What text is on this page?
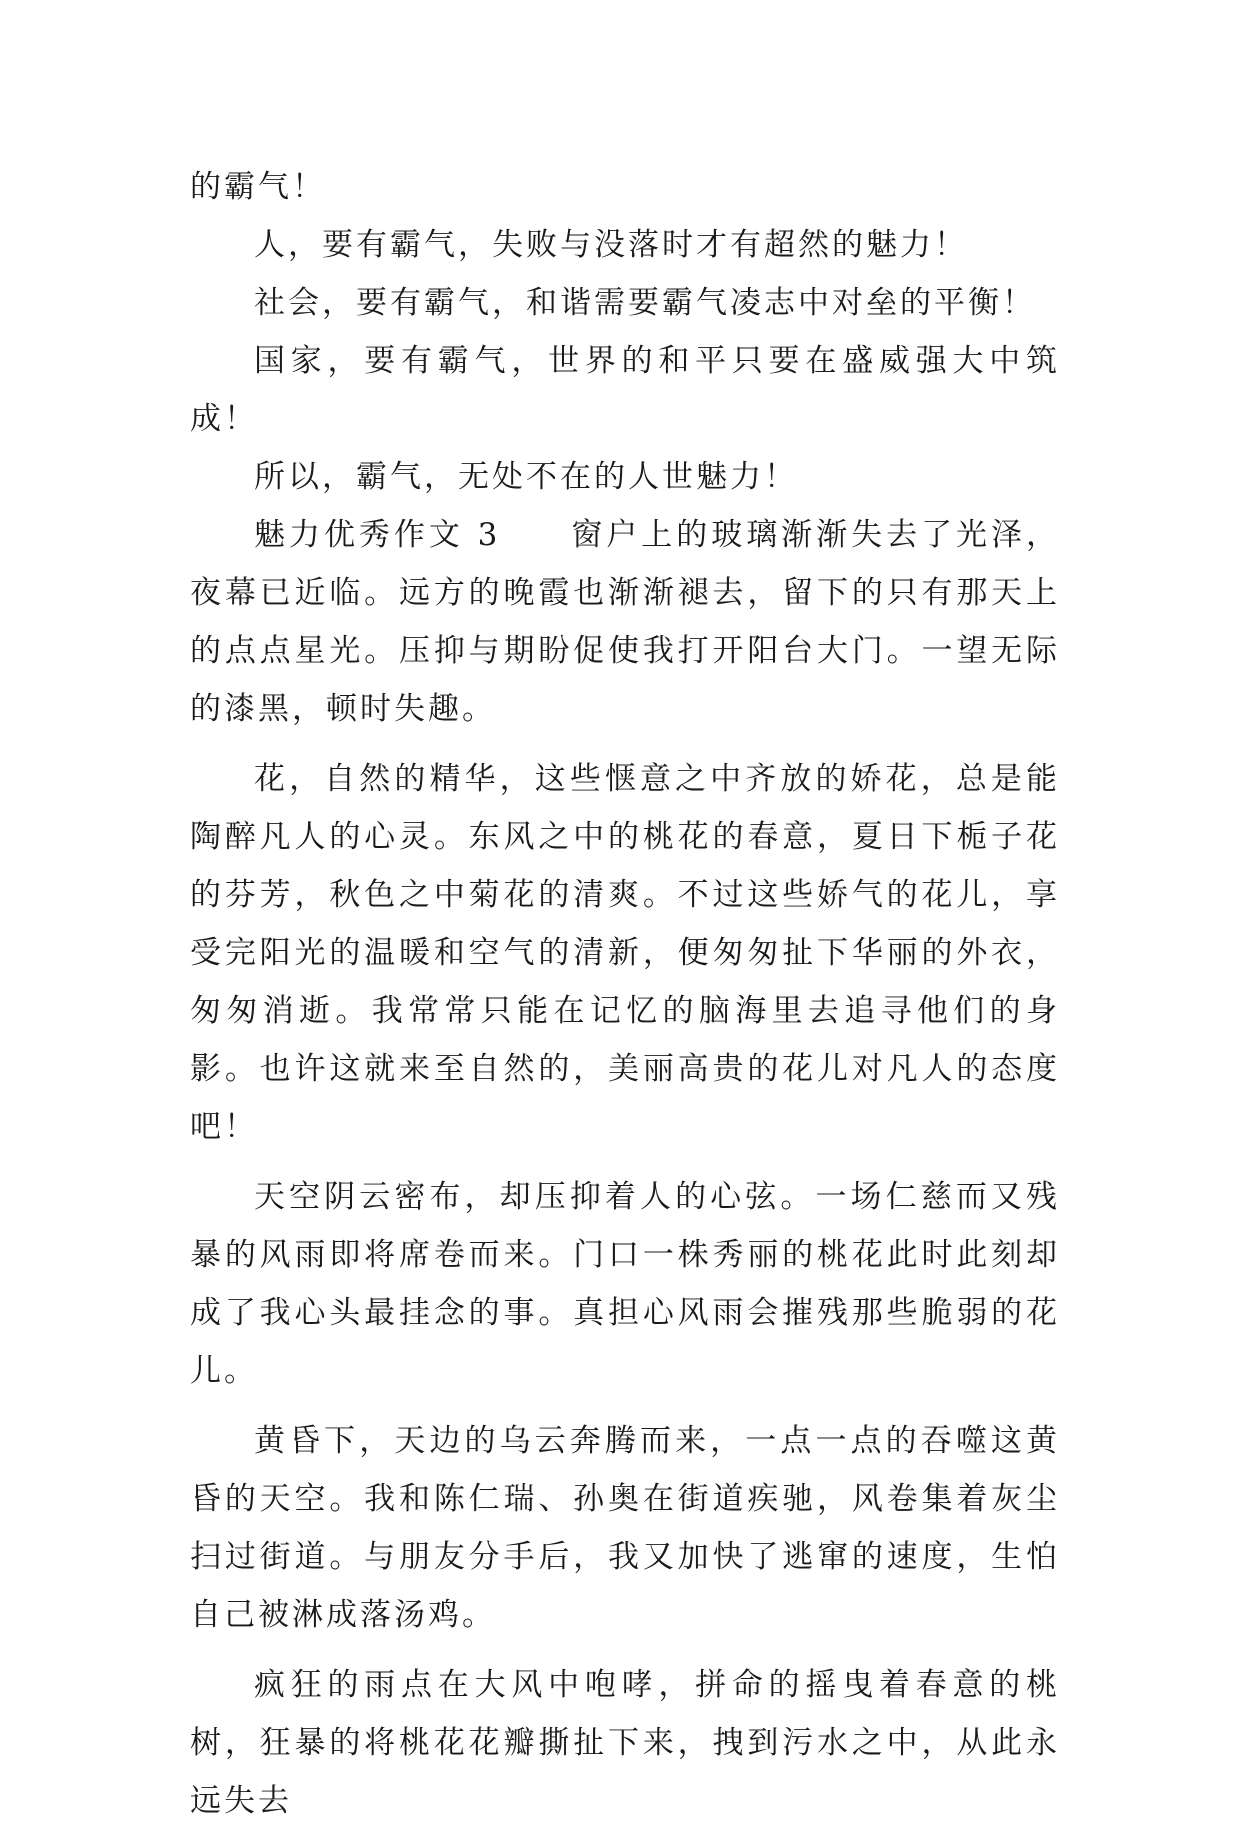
的霸气！

人，要有霸气，失败与没落时才有超然的魅力！

社会，要有霸气，和谐需要霸气凌志中对垒的平衡！

国家，要有霸气，世界的和平只要在盛威强大中筑成！

所以，霸气，无处不在的人世魅力！

魅力优秀作文 3　　窗户上的玻璃渐渐失去了光泽，夜幕已近临。远方的晚霞也渐渐褪去，留下的只有那天上的点点星光。压抑与期盼促使我打开阳台大门。一望无际的漆黑，顿时失趣。

花，自然的精华，这些惬意之中齐放的娇花，总是能陶醉凡人的心灵。东风之中的桃花的春意，夏日下栀子花的芬芳，秋色之中菊花的清爽。不过这些娇气的花儿，享受完阳光的温暖和空气的清新，便匆匆扯下华丽的外衣，匆匆消逝。我常常只能在记忆的脑海里去追寻他们的身影。也许这就来至自然的，美丽高贵的花儿对凡人的态度吧！

天空阴云密布，却压抑着人的心弦。一场仁慈而又残暴的风雨即将席卷而来。门口一株秀丽的桃花此时此刻却成了我心头最挂念的事。真担心风雨会摧残那些脆弱的花儿。

黄昏下，天边的乌云奔腾而来，一点一点的吞噬这黄昏的天空。我和陈仁瑞、孙奥在街道疾驰，风卷集着灰尘扫过街道。与朋友分手后，我又加快了逃窜的速度，生怕自己被淋成落汤鸡。

疯狂的雨点在大风中咆哮，拼命的摇曳着春意的桃树，狂暴的将桃花花瓣撕扯下来，拽到污水之中，从此永远失去
